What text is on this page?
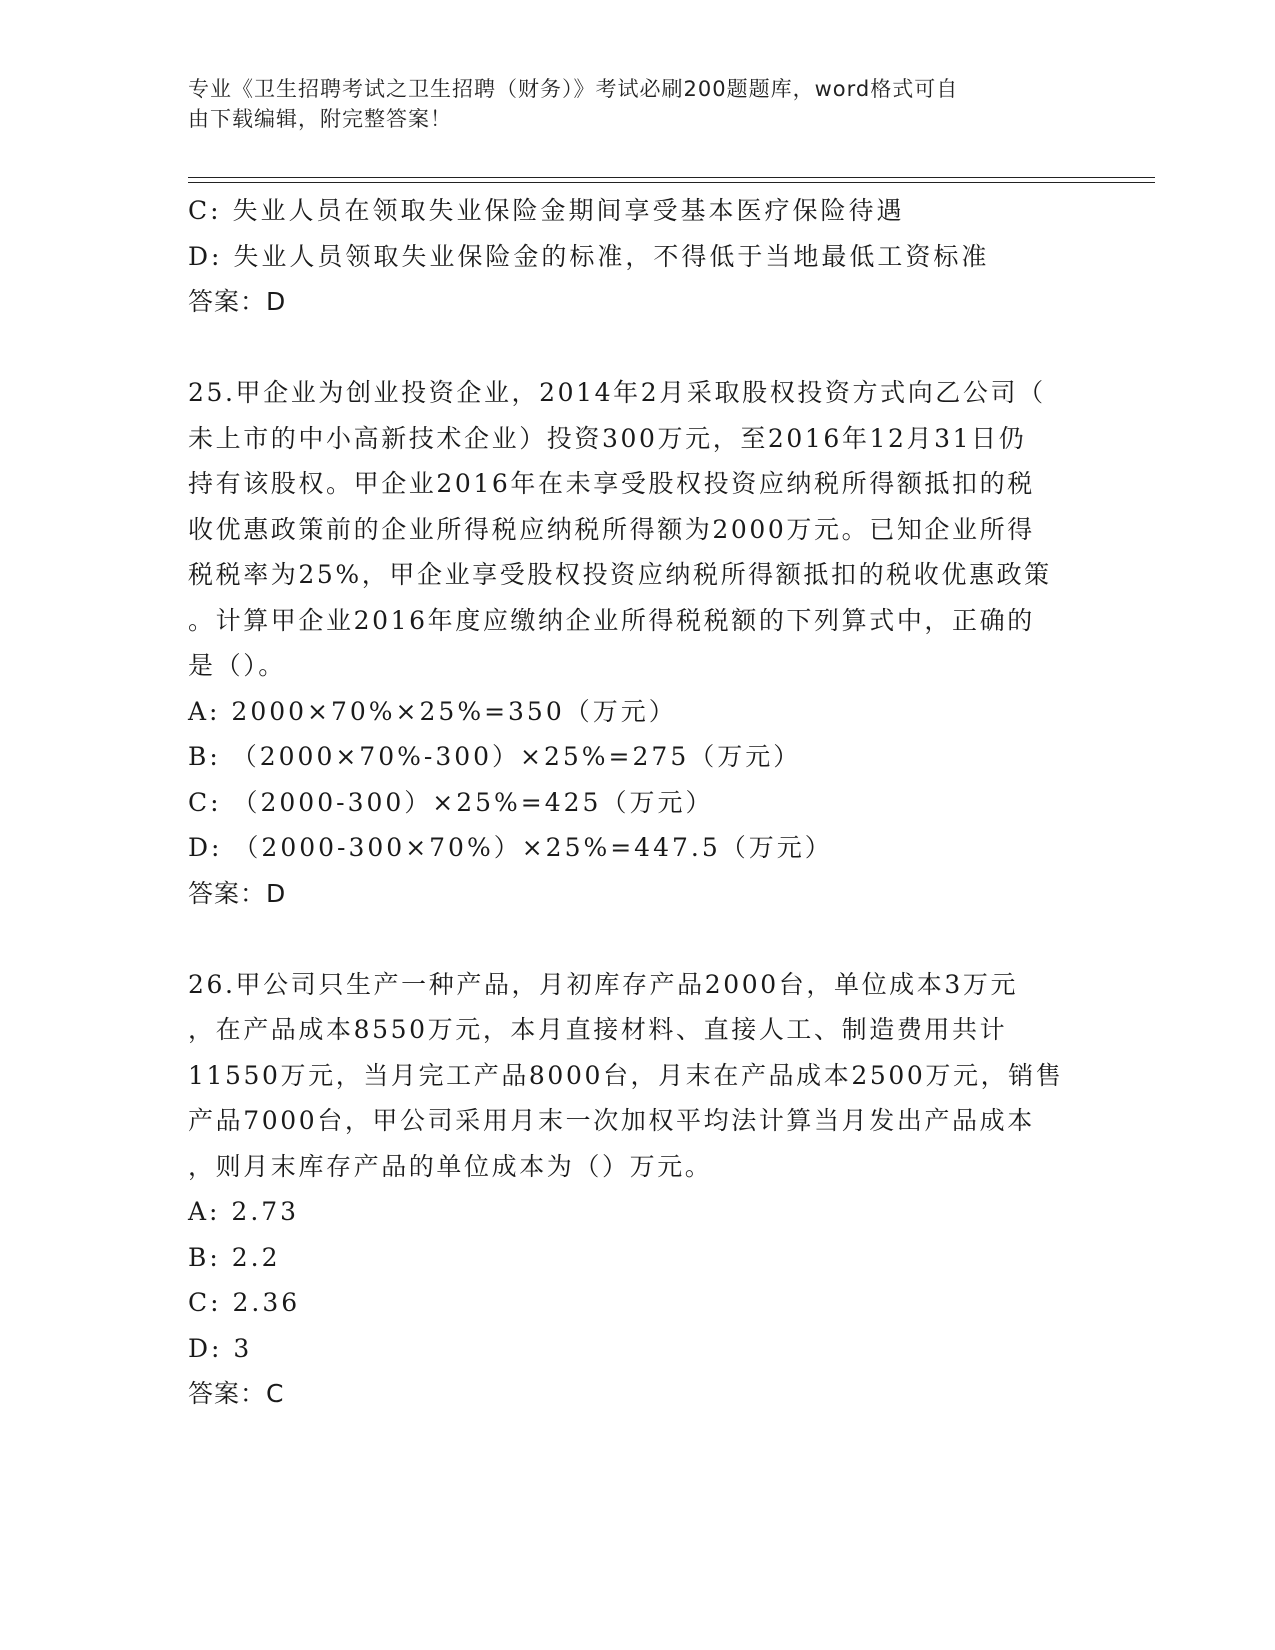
专业《卫生招聘考试之卫生招聘（财务）》考试必刷200题题库，word格式可自
由下载编辑，附完整答案！
C: 失业人员在领取失业保险金期间享受基本医疗保险待遇
D: 失业人员领取失业保险金的标准，不得低于当地最低工资标准
答案：D
25.甲企业为创业投资企业，2014年2月采取股权投资方式向乙公司（
未上市的中小高新技术企业）投资300万元，至2016年12月31日仍
持有该股权。甲企业2016年在未享受股权投资应纳税所得额抵扣的税
收优惠政策前的企业所得税应纳税所得额为2000万元。已知企业所得
税税率为25%，甲企业享受股权投资应纳税所得额抵扣的税收优惠政策
。计算甲企业2016年度应缴纳企业所得税税额的下列算式中，正确的
是（）。
A: 2000×70%×25%=350（万元）
B: （2000×70%-300）×25%=275（万元）
C: （2000-300）×25%=425（万元）
D: （2000-300×70%）×25%=447.5（万元）
答案：D
26.甲公司只生产一种产品，月初库存产品2000台，单位成本3万元
，在产品成本8550万元，本月直接材料、直接人工、制造费用共计
11550万元，当月完工产品8000台，月末在产品成本2500万元，销售
产品7000台，甲公司采用月末一次加权平均法计算当月发出产品成本
，则月末库存产品的单位成本为（）万元。
A: 2.73
B: 2.2
C: 2.36
D: 3
答案：C
